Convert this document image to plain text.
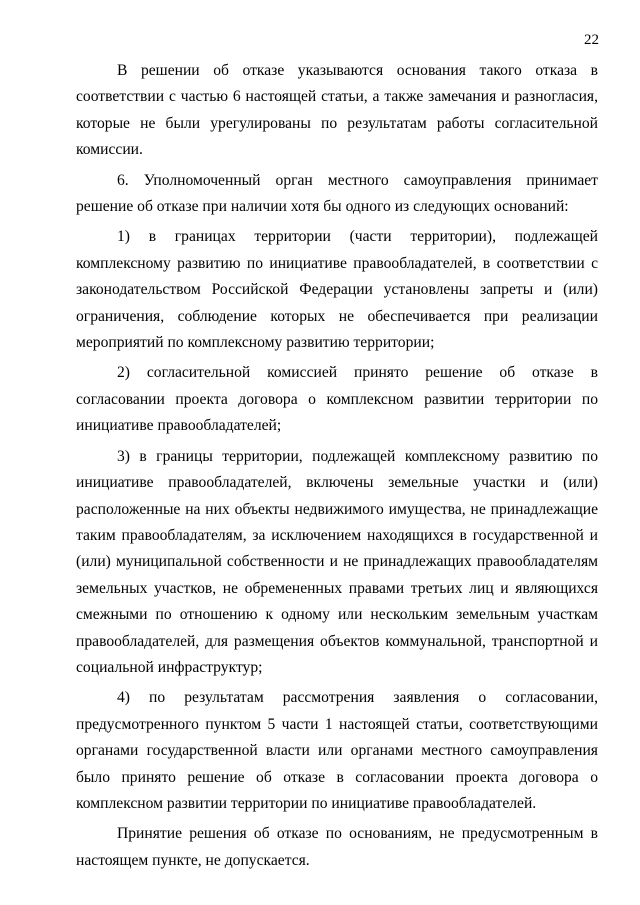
22

В решении об отказе указываются основания такого отказа в соответствии с частью 6 настоящей статьи, а также замечания и разногласия, которые не были урегулированы по результатам работы согласительной комиссии.

6. Уполномоченный орган местного самоуправления принимает решение об отказе при наличии хотя бы одного из следующих оснований:

1) в границах территории (части территории), подлежащей комплексному развитию по инициативе правообладателей, в соответствии с законодательством Российской Федерации установлены запреты и (или) ограничения, соблюдение которых не обеспечивается при реализации мероприятий по комплексному развитию территории;

2) согласительной комиссией принято решение об отказе в согласовании проекта договора о комплексном развитии территории по инициативе правообладателей;

3) в границы территории, подлежащей комплексному развитию по инициативе правообладателей, включены земельные участки и (или) расположенные на них объекты недвижимого имущества, не принадлежащие таким правообладателям, за исключением находящихся в государственной и (или) муниципальной собственности и не принадлежащих правообладателям земельных участков, не обремененных правами третьих лиц и являющихся смежными по отношению к одному или нескольким земельным участкам правообладателей, для размещения объектов коммунальной, транспортной и социальной инфраструктур;

4) по результатам рассмотрения заявления о согласовании, предусмотренного пунктом 5 части 1 настоящей статьи, соответствующими органами государственной власти или органами местного самоуправления было принято решение об отказе в согласовании проекта договора о комплексном развитии территории по инициативе правообладателей.

Принятие решения об отказе по основаниям, не предусмотренным в настоящем пункте, не допускается.
